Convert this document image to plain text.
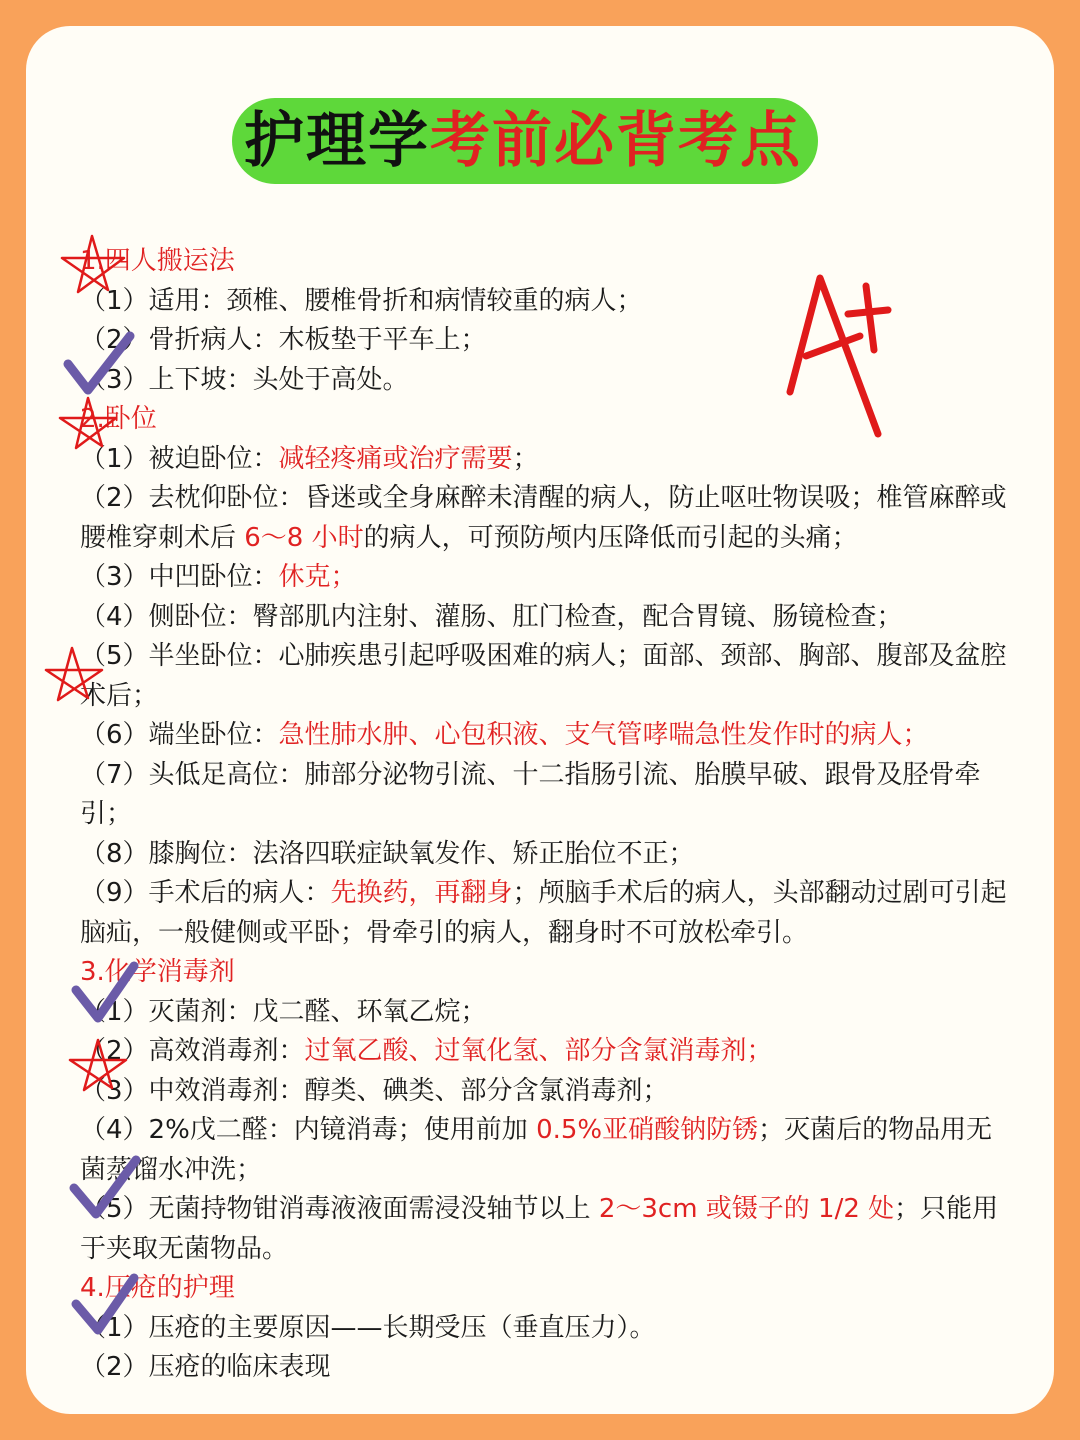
护理学考前必背考点

1.四人搬运法

（1）适用：颈椎、腰椎骨折和病情较重的病人；

（2）骨折病人：木板垫于平车上；

（3）上下坡：头处于高处。

2.卧位

（1）被迫卧位：减轻疼痛或治疗需要；

（2）去枕仰卧位：昏迷或全身麻醉未清醒的病人，防止呕吐物误吸；椎管麻醉或腰椎穿刺术后 6～8 小时的病人，可预防颅内压降低而引起的头痛；

（3）中凹卧位：休克；

（4）侧卧位：臀部肌内注射、灌肠、肛门检查，配合胃镜、肠镜检查；

（5）半坐卧位：心肺疾患引起呼吸困难的病人；面部、颈部、胸部、腹部及盆腔术后；

（6）端坐卧位：急性肺水肿、心包积液、支气管哮喘急性发作时的病人；

（7）头低足高位：肺部分泌物引流、十二指肠引流、胎膜早破、跟骨及胫骨牵引；

（8）膝胸位：法洛四联症缺氧发作、矫正胎位不正；

（9）手术后的病人：先换药，再翻身；颅脑手术后的病人，头部翻动过剧可引起脑疝，一般健侧或平卧；骨牵引的病人，翻身时不可放松牵引。

3.化学消毒剂

（1）灭菌剂：戊二醛、环氧乙烷；

（2）高效消毒剂：过氧乙酸、过氧化氢、部分含氯消毒剂；

（3）中效消毒剂：醇类、碘类、部分含氯消毒剂；

（4）2%戊二醛：内镜消毒；使用前加 0.5%亚硝酸钠防锈；灭菌后的物品用无菌蒸馏水冲洗；

（5）无菌持物钳消毒液液面需浸没轴节以上 2～3cm 或镊子的 1/2 处；只能用于夹取无菌物品。

4.压疮的护理

（1）压疮的主要原因——长期受压（垂直压力）。

（2）压疮的临床表现
